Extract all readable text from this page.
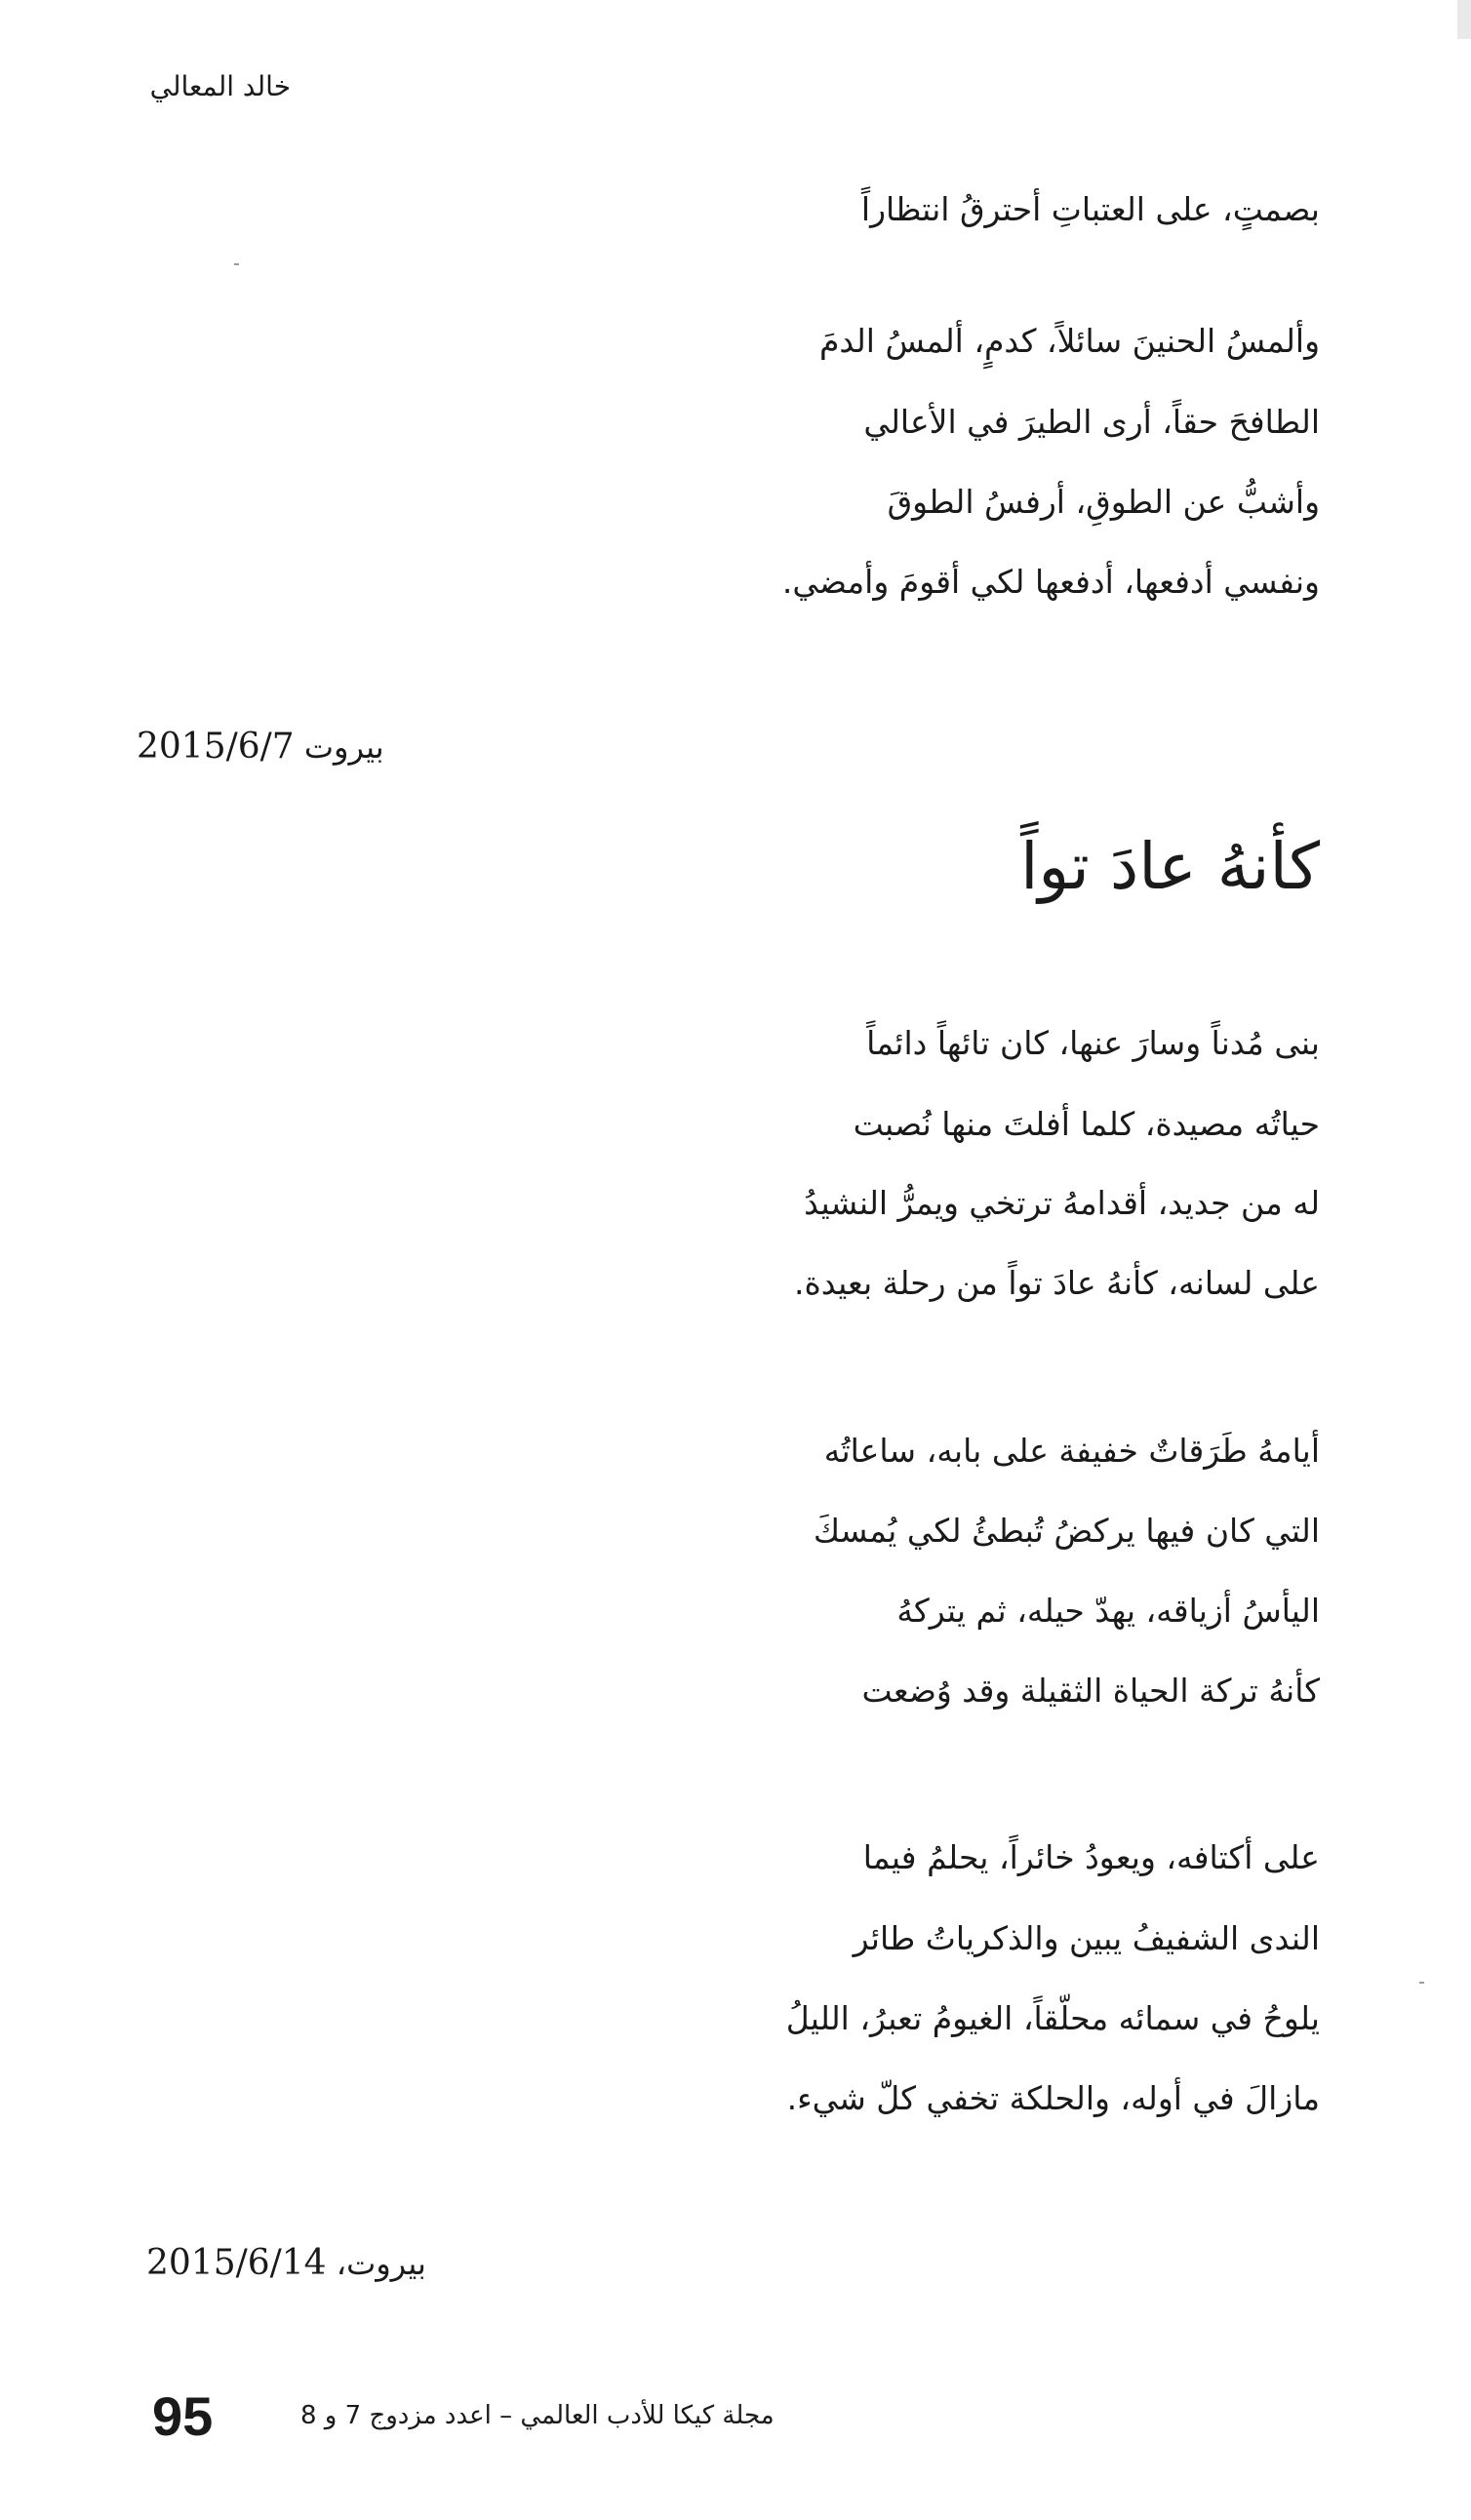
خالد المعالي
بصمتٍ، على العتباتِ أحترقُ انتظاراً
وألمسُ الحنينَ سائلاً، كدمٍ، ألمسُ الدمَ
الطافحَ حقاً، أرى الطيرَ في الأعالي
وأشبُّ عن الطوقِ، أرفسُ الطوقَ
ونفسي أدفعها، أدفعها لكي أقومَ وأمضي.
بيروت 2015/6/7
كأنهُ عادَ تواً
بنى مُدناً وسارَ عنها، كان تائهاً دائماً
حياتُه مصيدة، كلما أفلتَ منها نُصبت
له من جديد، أقدامهُ ترتخي ويمرُّ النشيدُ
على لسانه، كأنهُ عادَ تواً من رحلة بعيدة.
أيامهُ طَرَقاتٌ خفيفة على بابه، ساعاتُه
التي كان فيها يركضُ تُبطئُ لكي يُمسكَ
اليأسُ أزياقه، يهدّ حيله، ثم يتركهُ
كأنهُ تركة الحياة الثقيلة وقد وُضعت
على أكتافه، ويعودُ خائراً، يحلمُ فيما
الندى الشفيفُ يبين والذكرياتُ طائر
يلوحُ في سمائه محلّقاً، الغيومُ تعبرُ، الليلُ
مازالَ في أوله، والحلكة تخفي كلّ شيء.
بيروت، 2015/6/14
95	مجلة كيكا للأدب العالمي – اعدد مزدوج 7 و 8
